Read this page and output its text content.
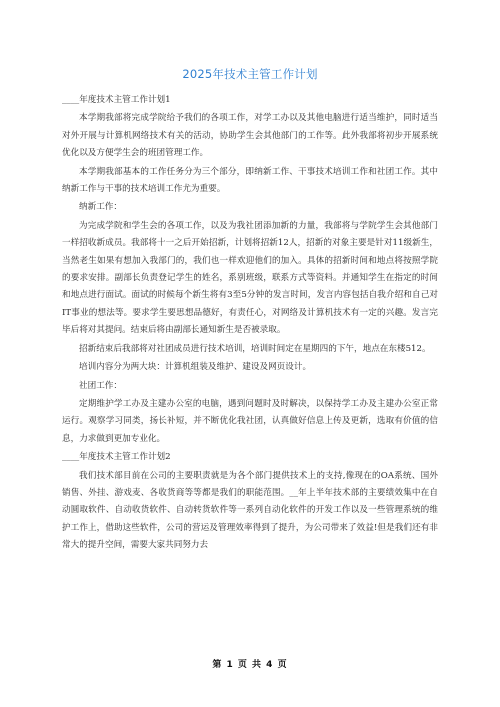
2025年技术主管工作计划

____年度技术主管工作计划1

本学期我部将完成学院给予我们的各项工作，对学工办以及其他电脑进行适当维护，同时适当对外开展与计算机网络技术有关的活动，协助学生会其他部门的工作等。此外我部将初步开展系统优化以及方便学生会的班团管理工作。

本学期我部基本的工作任务分为三个部分，即纳新工作、干事技术培训工作和社团工作。其中纳新工作与干事的技术培训工作尤为重要。

纳新工作：

为完成学院和学生会的各项工作，以及为我社团添加新的力量，我部将与学院学生会其他部门一样招收新成员。我部将十一之后开始招新，计划将招新12人，招新的对象主要是针对11级新生，当然老生如果有想加入我部门的，我们也一样欢迎他们的加入。具体的招新时间和地点将按照学院的要求安排。副部长负责登记学生的姓名，系别班级，联系方式等资料。并通知学生在指定的时间和地点进行面试。面试的时候每个新生将有3至5分钟的发言时间，发言内容包括自我介绍和自己对IT事业的想法等。要求学生要思想品德好，有责任心，对网络及计算机技术有一定的兴趣。发言完毕后将对其提问。结束后将由副部长通知新生是否被录取。

招新结束后我部将对社团成员进行技术培训，培训时间定在星期四的下午，地点在东楼512。

培训内容分为两大块：计算机组装及维护、建设及网页设计。

社团工作：

定期维护学工办及主建办公室的电脑，遇到问题时及时解决，以保持学工办及主建办公室正常运行。观察学习同类，扬长补短，并不断优化我社团，认真做好信息上传及更新，选取有价值的信息，力求做到更加专业化。

____年度技术主管工作计划2

我们技术部目前在公司的主要职责就是为各个部门提供技术上的支持,像现在的OA系统、国外销售、外挂、游戏麦、各收货商等等都是我们的职能范围。__年上半年技术部的主要绩效集中在自动圆取软件、自动收货软件、自动转货软件等一系列自动化软件的开发工作以及一些管理系统的维护工作上，借助这些软件，公司的营运及管理效率得到了提升，为公司带来了效益!但是我们还有非常大的提升空间，需要大家共同努力去

第 1 页 共 4 页
